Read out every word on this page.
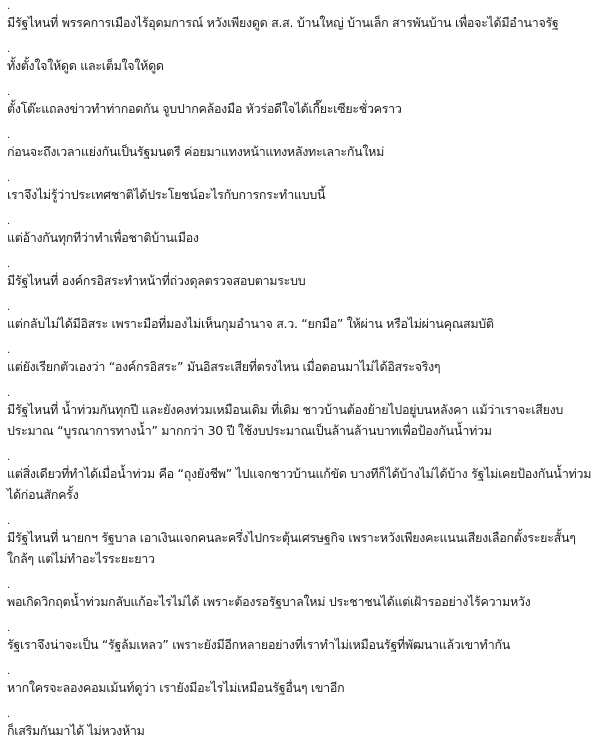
.
มีรัฐไหนที่ พรรคการเมืองไร้อุดมการณ์ หวังเพียงดูด ส.ส. บ้านใหญ่ บ้านเล็ก สารพันบ้าน เพื่อจะได้มีอำนาจรัฐ
.
ทั้งตั้งใจให้ดูด และเต็มใจให้ดูด
.
ตั้งโต๊ะแถลงข่าวทำท่ากอดกัน จูบปากคล้องมือ หัวร่อดีใจได้เกี๊ยะเซียะชั่วคราว
.
ก่อนจะถึงเวลาแย่งกันเป็นรัฐมนตรี ค่อยมาแทงหน้าแทงหลังทะเลาะกันใหม่
.
เราจึงไม่รู้ว่าประเทศชาติได้ประโยชน์อะไรกับการกระทำแบบนี้
.
แต่อ้างกันทุกทีว่าทำเพื่อชาติบ้านเมือง
.
มีรัฐไหนที่ องค์กรอิสระทำหน้าที่ถ่วงดุลตรวจสอบตามระบบ
.
แต่กลับไม่ได้มีอิสระ เพราะมือที่มองไม่เห็นกุมอำนาจ ส.ว. “ยกมือ” ให้ผ่าน หรือไม่ผ่านคุณสมบัติ
.
แต่ยังเรียกตัวเองว่า “องค์กรอิสระ” มันอิสระเสียที่ตรงไหน เมื่อตอนมาไม่ได้อิสระจริงๆ
.
มีรัฐไหนที่ น้ำท่วมกันทุกปี และยังคงท่วมเหมือนเดิม ที่เดิม ชาวบ้านต้องย้ายไปอยู่บนหลังคา แม้ว่าเราจะเสียงบประมาณ “บูรณาการทางน้ำ” มากกว่า 30 ปี ใช้งบประมาณเป็นล้านล้านบาทเพื่อป้องกันน้ำท่วม
.
แต่สิ่งเดียวที่ทำได้เมื่อน้ำท่วม คือ “ถุงยังชีพ” ไปแจกชาวบ้านแก้ขัด บางทีก็ได้บ้างไม่ได้บ้าง รัฐไม่เคยป้องกันน้ำท่วมได้ก่อนสักครั้ง
.
มีรัฐไหนที่ นายกฯ รัฐบาล เอาเงินแจกคนละครึ่งไปกระตุ้นเศรษฐกิจ เพราะหวังเพียงคะแนนเสียงเลือกตั้งระยะสั้นๆ ใกล้ๆ แต่ไม่ทำอะไรระยะยาว
.
พอเกิดวิกฤตน้ำท่วมกลับแก้อะไรไม่ได้ เพราะต้องรอรัฐบาลใหม่ ประชาชนได้แต่เฝ้ารออย่างไร้ความหวัง
.
รัฐเราจึงน่าจะเป็น “รัฐล้มเหลว” เพราะยังมีอีกหลายอย่างที่เราทำไม่เหมือนรัฐที่พัฒนาแล้วเขาทำกัน
.
หากใครจะลองคอมเม้นท์ดูว่า เรายังมีอะไรไม่เหมือนรัฐอื่นๆ เขาอีก
.
ก็เสริมกันมาได้ ไม่หวงห้าม
